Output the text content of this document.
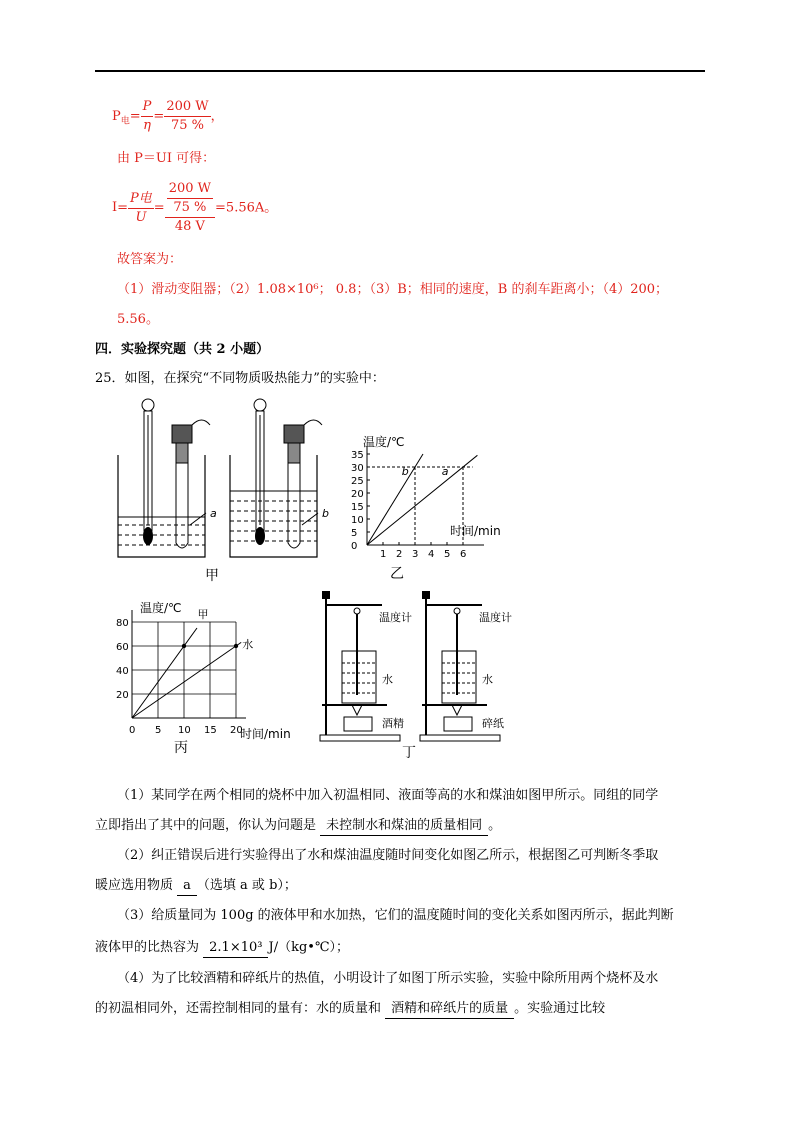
$P_电= \frac{P}{\eta} = \frac{200 W}{75 \%}$ ，
由 P＝UI 可得：
$I= \frac{\text{P电}}{U} = \frac{\frac{200 W}{75 \%}}{48 V} =5.56A$。
故答案为：
（1）滑动变阻器；（2）1.08×10⁶； 0.8；（3）B；相同的速度，B 的刹车距离小；（4）200；
5.56。
四．实验探究题（共 2 小题）
25．如图，在探究“不同物质吸热能力”的实验中：
a	b
甲
温度/℃
时间/min
乙
1 2 3 4 5 6
0
5
10
15
20
25
30
35
b	a
温度/℃
时间/min
丙
0 5 10 15 20
20
40
60
80
甲
水
温度计
水
酒精
温度计
水
碎纸
丁
（1）某同学在两个相同的烧杯中加入初温相同、液面等高的水和煤油如图甲所示。同组的同学
立即指出了其中的问题，你认为问题是 未控制水和煤油的质量相同 。
（2）纠正错误后进行实验得出了水和煤油温度随时间变化如图乙所示，根据图乙可判断冬季取
暖应选用物质 a （选填 a 或 b）；
（3）给质量同为 100g 的液体甲和水加热，它们的温度随时间的变化关系如图丙所示，据此判断
液体甲的比热容为 2.1×10³ J/（kg•℃）；
（4）为了比较酒精和碎纸片的热值，小明设计了如图丁所示实验，实验中除所用两个烧杯及水
的初温相同外，还需控制相同的量有：水的质量和 酒精和碎纸片的质量 。实验通过比较
